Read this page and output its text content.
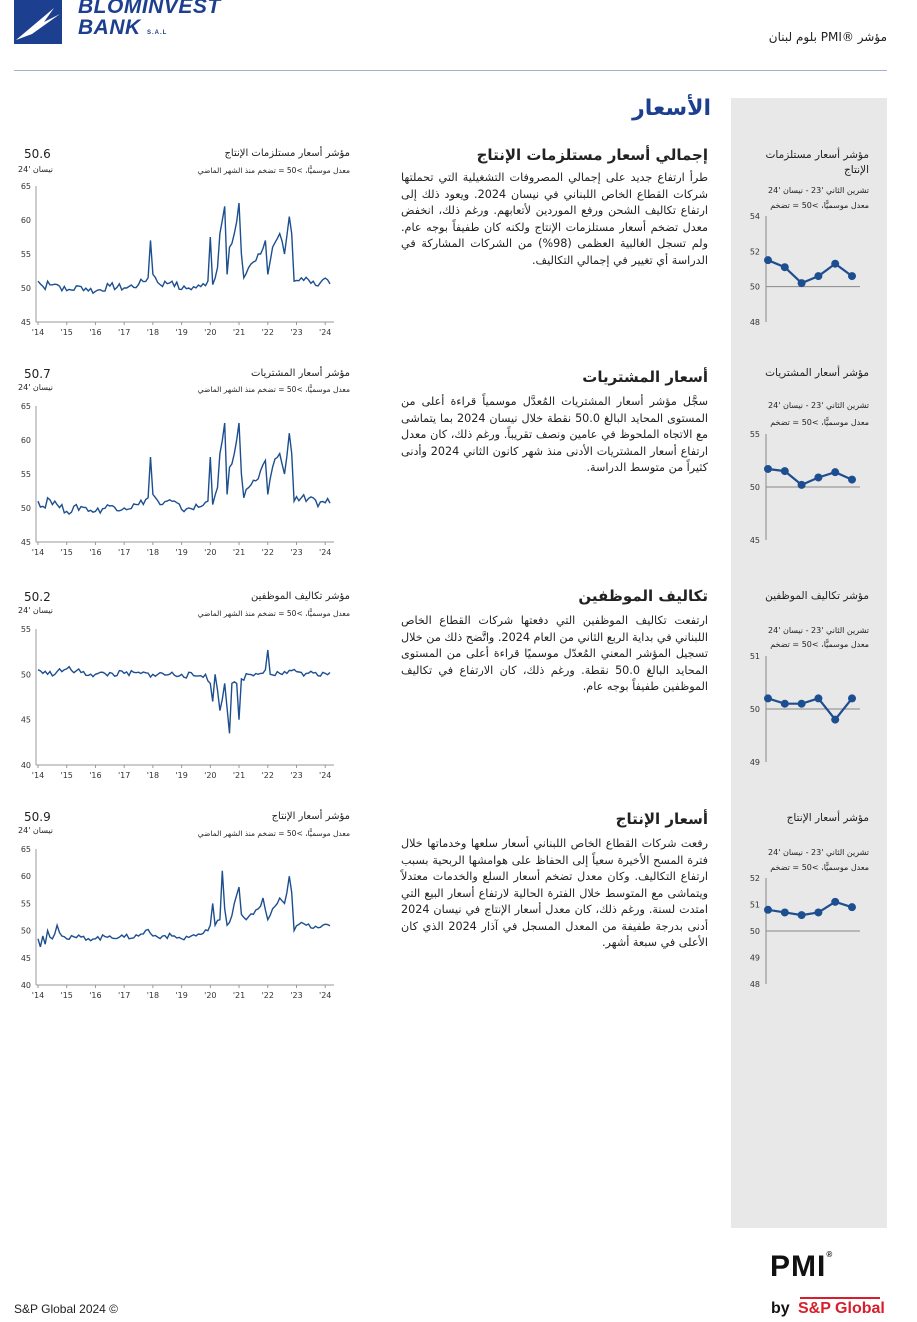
BLOMINVEST
BANK S.A.L	مؤشر ®PMI بلوم لبنان
الأسعار
إجمالي أسعار مستلزمات الإنتاج
طرأ ارتفاع جديد على إجمالي المصروفات التشغيلية التي تحملتها شركات القطاع الخاص اللبناني في نيسان 2024. ويعود ذلك إلى ارتفاع تكاليف الشحن ورفع الموردين لأتعابهم. ورغم ذلك، انخفض معدل تضخم أسعار مستلزمات الإنتاج ولكنه كان طفيفاً بوجه عام. ولم تسجل الغالبية العظمى (98%) من الشركات المشاركة في الدراسة أي تغيير في إجمالي التكاليف.
أسعار المشتريات
سجَّل مؤشر أسعار المشتريات المُعدَّل موسمياً قراءة أعلى من المستوى المحايد البالغ 50.0 نقطة خلال نيسان 2024 بما يتماشى مع الاتجاه الملحوظ في عامين ونصف تقريباً. ورغم ذلك، كان معدل ارتفاع أسعار المشتريات الأدنى منذ شهر كانون الثاني 2024 وأدنى كثيراً من متوسط الدراسة.
تكاليف الموظفين
ارتفعت تكاليف الموظفين التي دفعتها شركات القطاع الخاص اللبناني في بداية الربع الثاني من العام 2024. واتَّضح ذلك من خلال تسجيل المؤشر المعني المُعدّل موسميًا قراءة أعلى من المستوى المحايد البالغ 50.0 نقطة. ورغم ذلك، كان الارتفاع في تكاليف الموظفين طفيفاً بوجه عام.
أسعار الإنتاج
رفعت شركات القطاع الخاص اللبناني أسعار سلعها وخدماتها خلال فترة المسح الأخيرة سعياً إلى الحفاظ على هوامشها الربحية بسبب ارتفاع التكاليف. وكان معدل تضخم أسعار السلع والخدمات معتدلاً ويتماشى مع المتوسط خلال الفترة الحالية لارتفاع أسعار البيع التي امتدت لسنة. ورغم ذلك، كان معدل أسعار الإنتاج في نيسان 2024 أدنى بدرجة طفيفة من المعدل المسجل في آذار 2024 الذي كان الأعلى في سبعة أشهر.
مؤشر أسعار مستلزمات الإنتاج
تشرين الثاني '23 - نيسان '24
معدل موسميًّا، >50 = تضخم
54
52
50
48
مؤشر أسعار المشتريات
تشرين الثاني '23 - نيسان '24
معدل موسميًّا، >50 = تضخم
55
50
45
مؤشر تكاليف الموظفين
تشرين الثاني '23 - نيسان '24
معدل موسميًّا، >50 = تضخم
51
50
49
مؤشر أسعار الإنتاج
تشرين الثاني '23 - نيسان '24
معدل موسميًّا، >50 = تضخم
52
51
50
49
48
مؤشر أسعار مستلزمات الإنتاج
معدل موسميًّا، >50 = تضخم منذ الشهر الماضي
50.6
نيسان '24
65
60
55
50
45
'14 '15 '16 '17 '18 '19 '20 '21 '22 '23 '24
مؤشر أسعار المشتريات
معدل موسميًّا، >50 = تضخم منذ الشهر الماضي
50.7
نيسان '24
65
60
55
50
45
'14 '15 '16 '17 '18 '19 '20 '21 '22 '23 '24
مؤشر تكاليف الموظفين
معدل موسميًّا، >50 = تضخم منذ الشهر الماضي
50.2
نيسان '24
55
50
45
40
'14 '15 '16 '17 '18 '19 '20 '21 '22 '23 '24
مؤشر أسعار الإنتاج
معدل موسميًّا، >50 = تضخم منذ الشهر الماضي
50.9
نيسان '24
65
60
55
50
45
40
'14 '15 '16 '17 '18 '19 '20 '21 '22 '23 '24
S&P Global 2024 ©
PMI®
by S&P Global
